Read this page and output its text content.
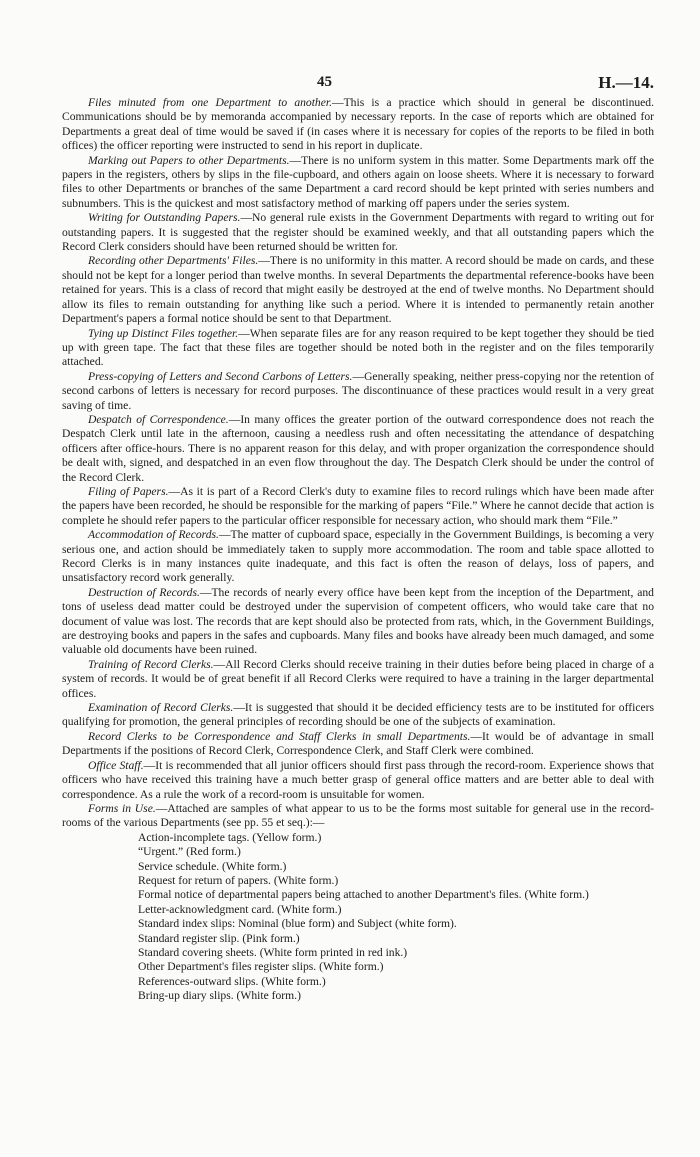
45	H.—14.

Files minuted from one Department to another.—This is a practice which should in general be discontinued. Communications should be by memoranda accompanied by necessary reports. In the case of reports which are obtained for Departments a great deal of time would be saved if (in cases where it is necessary for copies of the reports to be filed in both offices) the officer reporting were instructed to send in his report in duplicate.

Marking out Papers to other Departments.—There is no uniform system in this matter. Some Departments mark off the papers in the registers, others by slips in the file-cupboard, and others again on loose sheets. Where it is necessary to forward files to other Departments or branches of the same Department a card record should be kept printed with series numbers and subnumbers. This is the quickest and most satisfactory method of marking off papers under the series system.

Writing for Outstanding Papers.—No general rule exists in the Government Departments with regard to writing out for outstanding papers. It is suggested that the register should be examined weekly, and that all outstanding papers which the Record Clerk considers should have been returned should be written for.

Recording other Departments' Files.—There is no uniformity in this matter. A record should be made on cards, and these should not be kept for a longer period than twelve months. In several Departments the departmental reference-books have been retained for years. This is a class of record that might easily be destroyed at the end of twelve months. No Department should allow its files to remain outstanding for anything like such a period. Where it is intended to permanently retain another Department's papers a formal notice should be sent to that Department.

Tying up Distinct Files together.—When separate files are for any reason required to be kept together they should be tied up with green tape. The fact that these files are together should be noted both in the register and on the files temporarily attached.

Press-copying of Letters and Second Carbons of Letters.—Generally speaking, neither press-copying nor the retention of second carbons of letters is necessary for record purposes. The discontinuance of these practices would result in a very great saving of time.

Despatch of Correspondence.—In many offices the greater portion of the outward correspondence does not reach the Despatch Clerk until late in the afternoon, causing a needless rush and often necessitating the attendance of despatching officers after office-hours. There is no apparent reason for this delay, and with proper organization the correspondence should be dealt with, signed, and despatched in an even flow throughout the day. The Despatch Clerk should be under the control of the Record Clerk.

Filing of Papers.—As it is part of a Record Clerk's duty to examine files to record rulings which have been made after the papers have been recorded, he should be responsible for the marking of papers “File.” Where he cannot decide that action is complete he should refer papers to the particular officer responsible for necessary action, who should mark them “File.”

Accommodation of Records.—The matter of cupboard space, especially in the Government Buildings, is becoming a very serious one, and action should be immediately taken to supply more accommodation. The room and table space allotted to Record Clerks is in many instances quite inadequate, and this fact is often the reason of delays, loss of papers, and unsatisfactory record work generally.

Destruction of Records.—The records of nearly every office have been kept from the inception of the Department, and tons of useless dead matter could be destroyed under the supervision of competent officers, who would take care that no document of value was lost. The records that are kept should also be protected from rats, which, in the Government Buildings, are destroying books and papers in the safes and cupboards. Many files and books have already been much damaged, and some valuable old documents have been ruined.

Training of Record Clerks.—All Record Clerks should receive training in their duties before being placed in charge of a system of records. It would be of great benefit if all Record Clerks were required to have a training in the larger departmental offices.

Examination of Record Clerks.—It is suggested that should it be decided efficiency tests are to be instituted for officers qualifying for promotion, the general principles of recording should be one of the subjects of examination.

Record Clerks to be Correspondence and Staff Clerks in small Departments.—It would be of advantage in small Departments if the positions of Record Clerk, Correspondence Clerk, and Staff Clerk were combined.

Office Staff.—It is recommended that all junior officers should first pass through the record-room. Experience shows that officers who have received this training have a much better grasp of general office matters and are better able to deal with correspondence. As a rule the work of a record-room is unsuitable for women.

Forms in Use.—Attached are samples of what appear to us to be the forms most suitable for general use in the record-rooms of the various Departments (see pp. 55 et seq.):—

Action-incomplete tags. (Yellow form.)
“Urgent.” (Red form.)
Service schedule. (White form.)
Request for return of papers. (White form.)
Formal notice of departmental papers being attached to another Department's files. (White form.)
Letter-acknowledgment card. (White form.)
Standard index slips: Nominal (blue form) and Subject (white form).
Standard register slip. (Pink form.)
Standard covering sheets. (White form printed in red ink.)
Other Department's files register slips. (White form.)
References-outward slips. (White form.)
Bring-up diary slips. (White form.)
